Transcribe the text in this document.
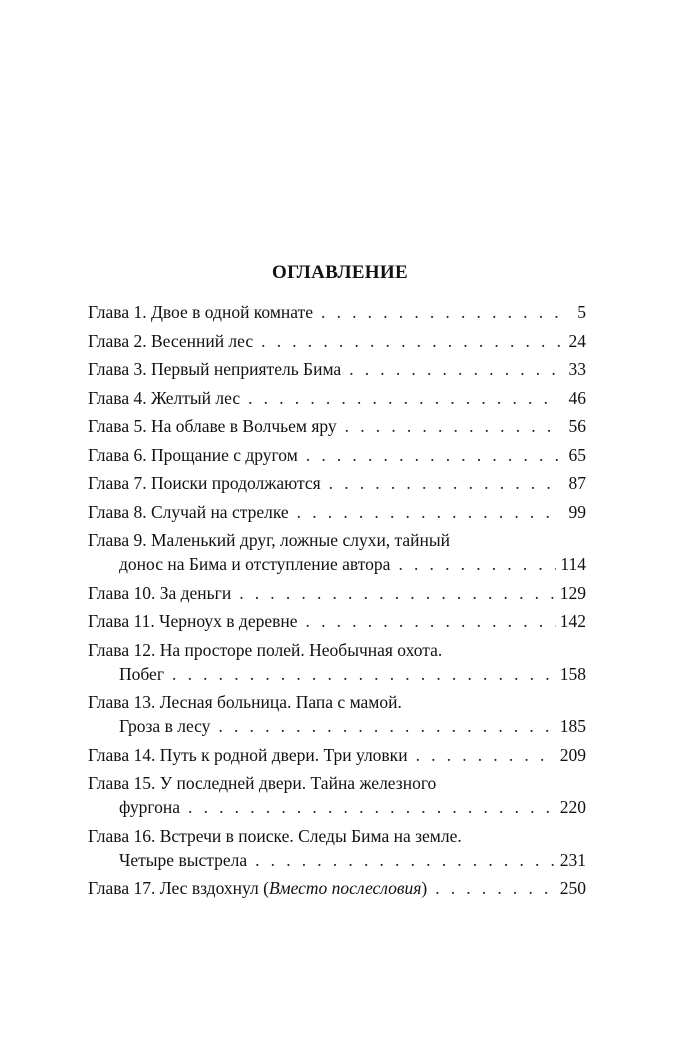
ОГЛАВЛЕНИЕ
Глава 1. Двое в одной комнате . . .	5
Глава 2. Весенний лес . . .	24
Глава 3. Первый неприятель Бима . . .	33
Глава 4. Желтый лес . . .	46
Глава 5. На облаве в Волчьем яру . . .	56
Глава 6. Прощание с другом . . .	65
Глава 7. Поиски продолжаются . . .	87
Глава 8. Случай на стрелке . . .	99
Глава 9. Маленький друг, ложные слухи, тайный
донос на Бима и отступление автора . . .	114
Глава 10. За деньги . . .	129
Глава 11. Черноух в деревне . . .	142
Глава 12. На просторе полей. Необычная охота.
Побег . . .	158
Глава 13. Лесная больница. Папа с мамой.
Гроза в лесу . . .	185
Глава 14. Путь к родной двери. Три уловки . . .	209
Глава 15. У последней двери. Тайна железного
фургона . . .	220
Глава 16. Встречи в поиске. Следы Бима на земле.
Четыре выстрела . . .	231
Глава 17. Лес вздохнул ( Вместо послесловия ) . . .	250
